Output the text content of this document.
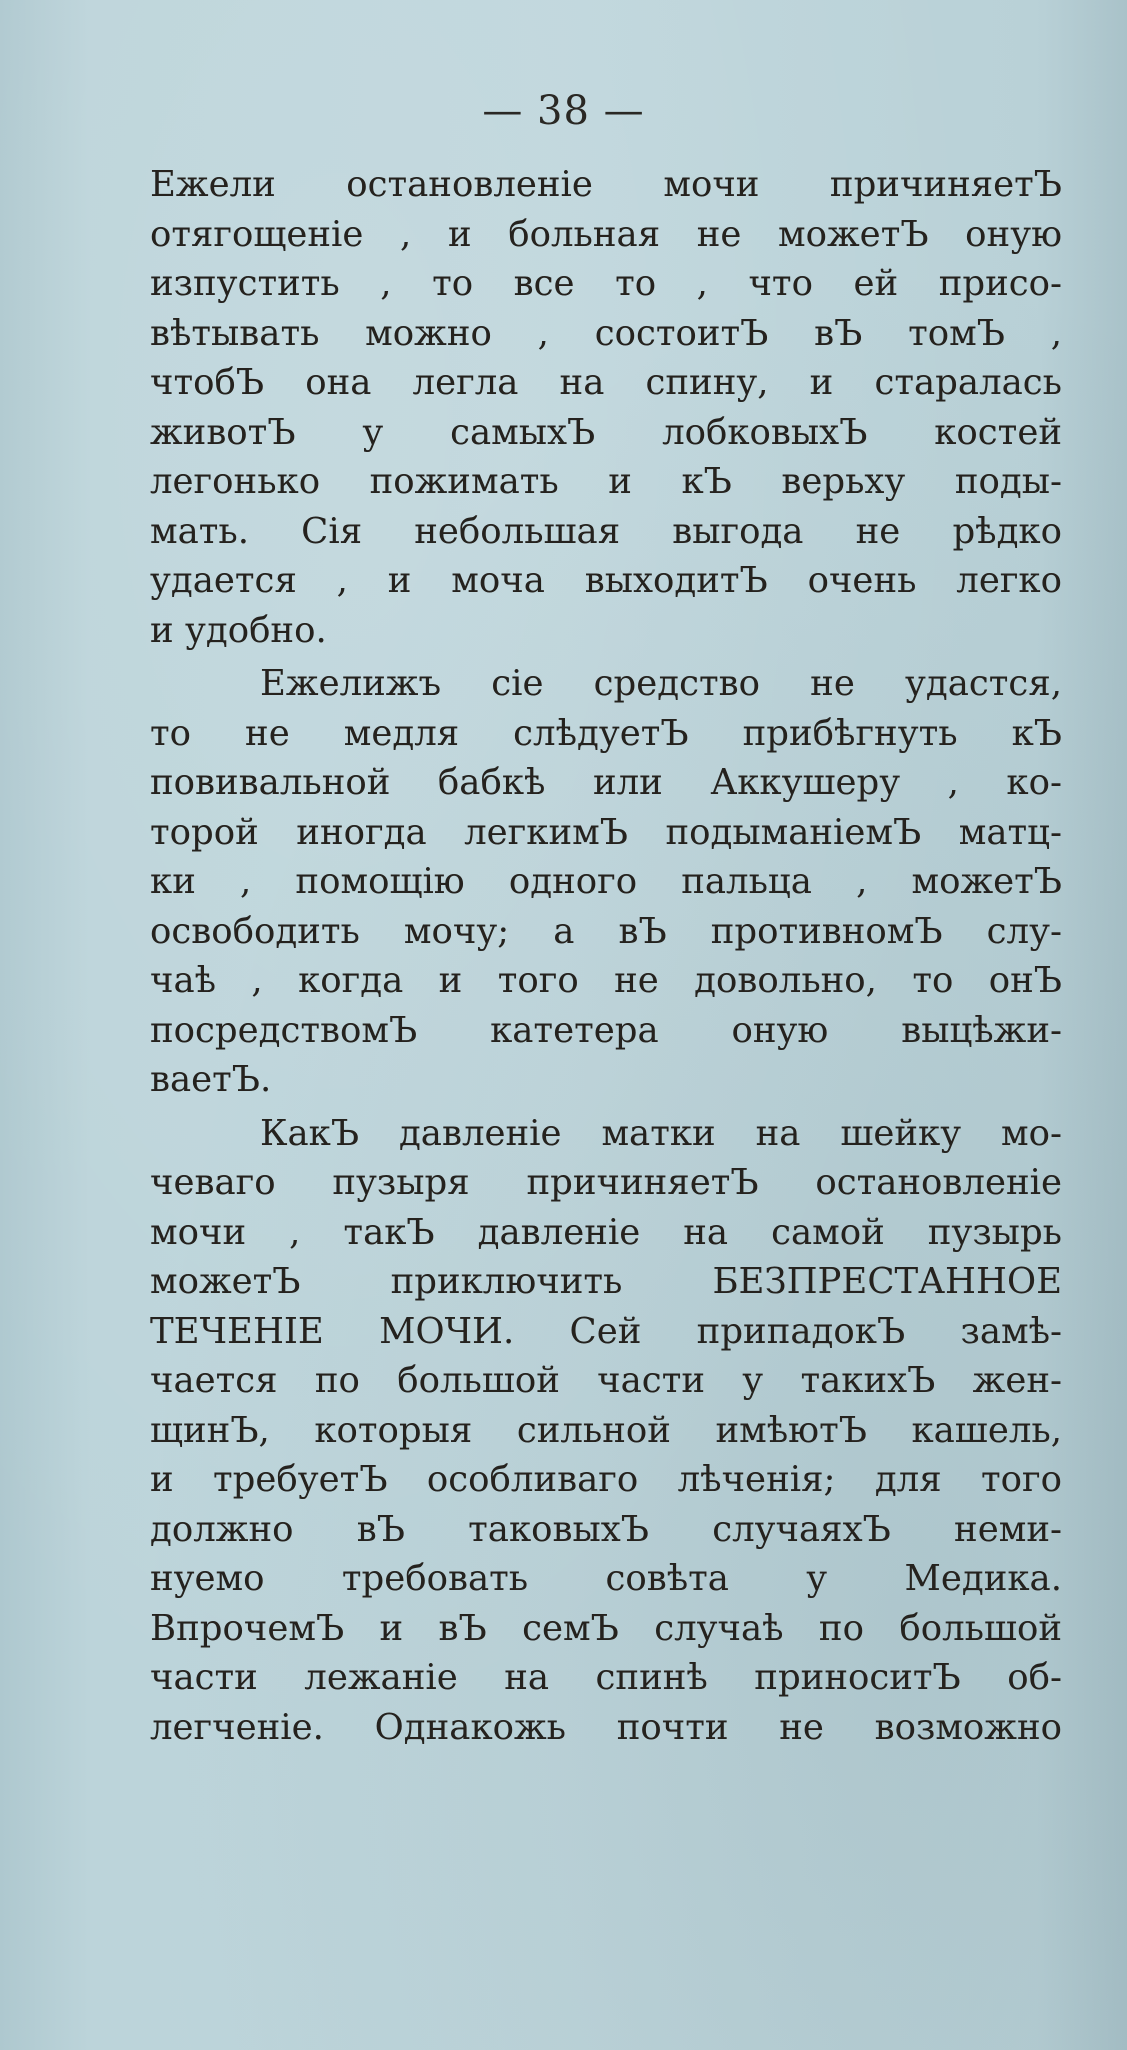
— 38 —
Ежели остановленіе мочи причиняетЪ
отягощеніе , и больная не можетЪ оную
изпустить , то все то , что ей присо-
вѣтывать можно , состоитЪ вЪ томЪ ,
чтобЪ она легла на спину, и старалась
животЪ у самыхЪ лобковыхЪ костей
легонько пожимать и кЪ верьху поды-
мать. Сія небольшая выгода не рѣдко
удается , и моча выходитЪ очень легко
и удобно.
Ежелижъ сіе средство не удастся,
то не медля слѣдуетЪ прибѣгнуть кЪ
повивальной бабкѣ или Аккушеру , ко-
торой иногда легкимЪ подыманіемЪ матц-
ки , помощію одного пальца , можетЪ
освободить мочу; а вЪ противномЪ слу-
чаѣ , когда и того не довольно, то онЪ
посредствомЪ катетера оную выцѣжи-
ваетЪ.
КакЪ давленіе матки на шейку мо-
чеваго пузыря причиняетЪ остановленіе
мочи , такЪ давленіе на самой пузырь
можетЪ приключить БЕЗПРЕСТАННОЕ
ТЕЧЕНІЕ МОЧИ. Сей припадокЪ замѣ-
чается по большой части у такихЪ жен-
щинЪ, которыя сильной имѣютЪ кашель,
и требуетЪ особливаго лѣченія; для того
должно вЪ таковыхЪ случаяхЪ неми-
нуемо требовать совѣта у Медика.
ВпрочемЪ и вЪ семЪ случаѣ по большой
части лежаніе на спинѣ приноситЪ об-
легченіе. Однакожь почти не возможно
